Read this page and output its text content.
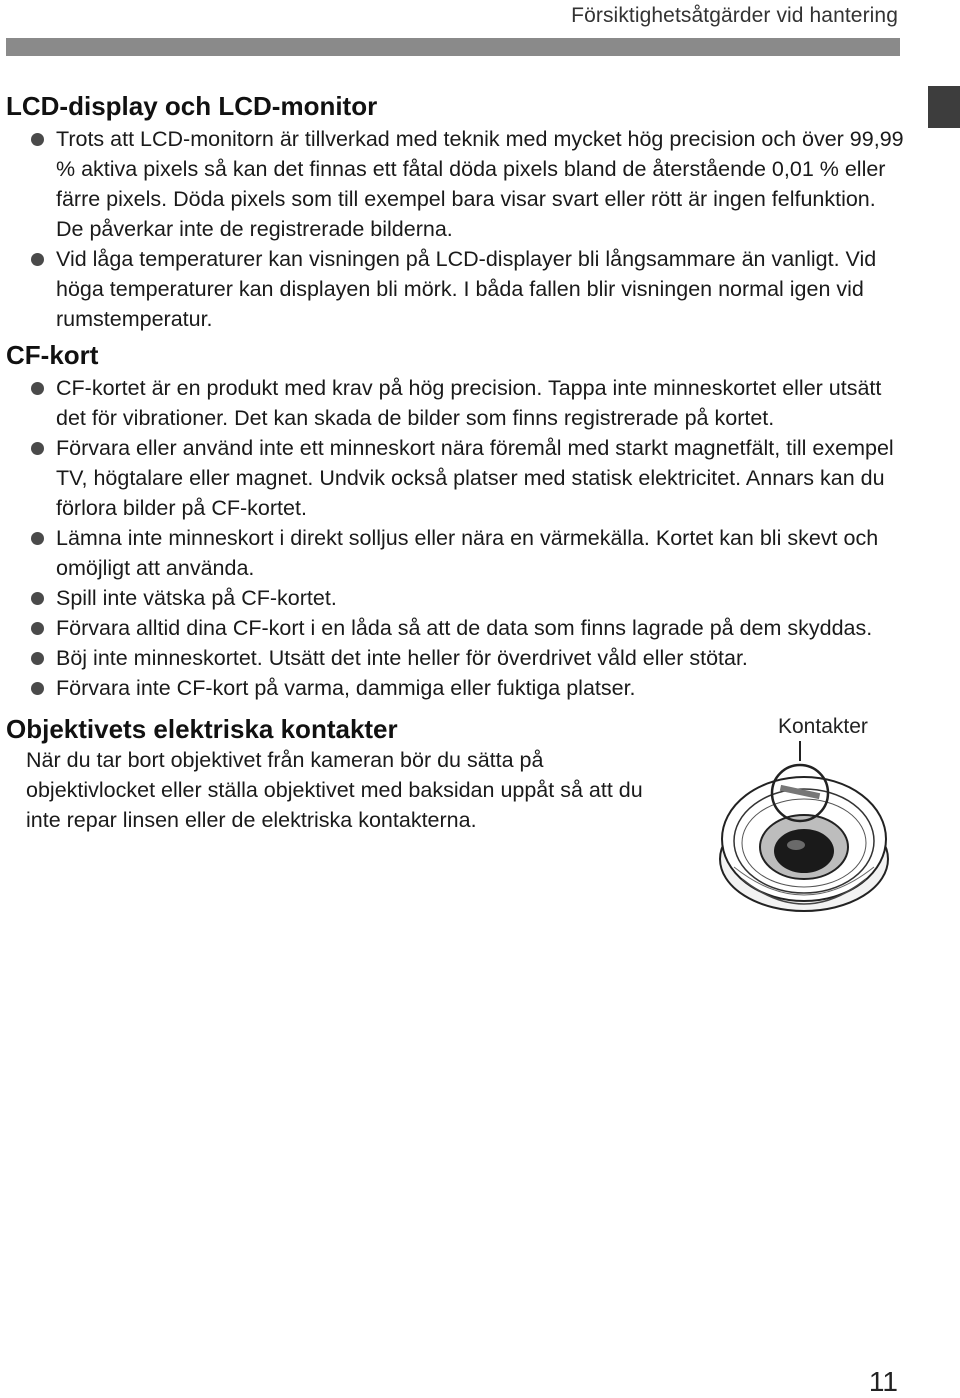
Försiktighetsåtgärder vid hantering
LCD-display och LCD-monitor
Trots att LCD-monitorn är tillverkad med teknik med mycket hög precision och över 99,99 % aktiva pixels så kan det finnas ett fåtal döda pixels bland de återstående 0,01 % eller färre pixels. Döda pixels som till exempel bara visar svart eller rött är ingen felfunktion. De påverkar inte de registrerade bilderna.
Vid låga temperaturer kan visningen på LCD-displayer bli långsammare än vanligt. Vid höga temperaturer kan displayen bli mörk. I båda fallen blir visningen normal igen vid rumstemperatur.
CF-kort
CF-kortet är en produkt med krav på hög precision. Tappa inte minneskortet eller utsätt det för vibrationer. Det kan skada de bilder som finns registrerade på kortet.
Förvara eller använd inte ett minneskort nära föremål med starkt magnetfält, till exempel TV, högtalare eller magnet. Undvik också platser med statisk elektricitet. Annars kan du förlora bilder på CF-kortet.
Lämna inte minneskort i direkt solljus eller nära en värmekälla. Kortet kan bli skevt och omöjligt att använda.
Spill inte vätska på CF-kortet.
Förvara alltid dina CF-kort i en låda så att de data som finns lagrade på dem skyddas.
Böj inte minneskortet. Utsätt det inte heller för överdrivet våld eller stötar.
Förvara inte CF-kort på varma, dammiga eller fuktiga platser.
Objektivets elektriska kontakter

När du tar bort objektivet från kameran bör du sätta på objektivlocket eller ställa objektivet med baksidan uppåt så att du inte repar linsen eller de elektriska kontakterna.

Kontakter
11
